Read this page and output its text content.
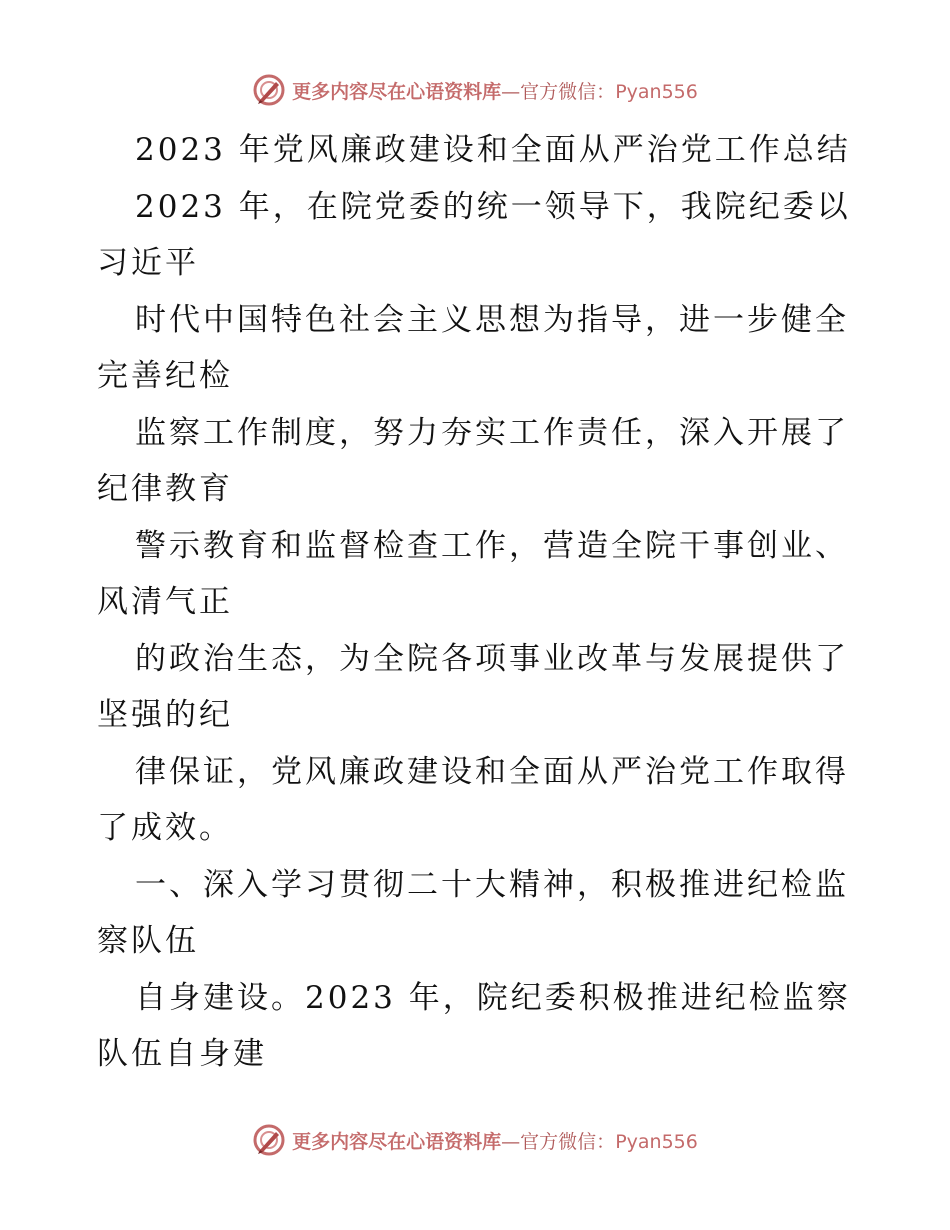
更多内容尽在心语资料库—官方微信：Pyan556
2023 年党风廉政建设和全面从严治党工作总结
2023 年，在院党委的统一领导下，我院纪委以
习近平
时代中国特色社会主义思想为指导，进一步健全
完善纪检
监察工作制度，努力夯实工作责任，深入开展了
纪律教育
警示教育和监督检查工作，营造全院干事创业、
风清气正
的政治生态，为全院各项事业改革与发展提供了
坚强的纪
律保证，党风廉政建设和全面从严治党工作取得
了成效。
一、深入学习贯彻二十大精神，积极推进纪检监
察队伍
自身建设。2023 年，院纪委积极推进纪检监察
队伍自身建
更多内容尽在心语资料库—官方微信：Pyan556
